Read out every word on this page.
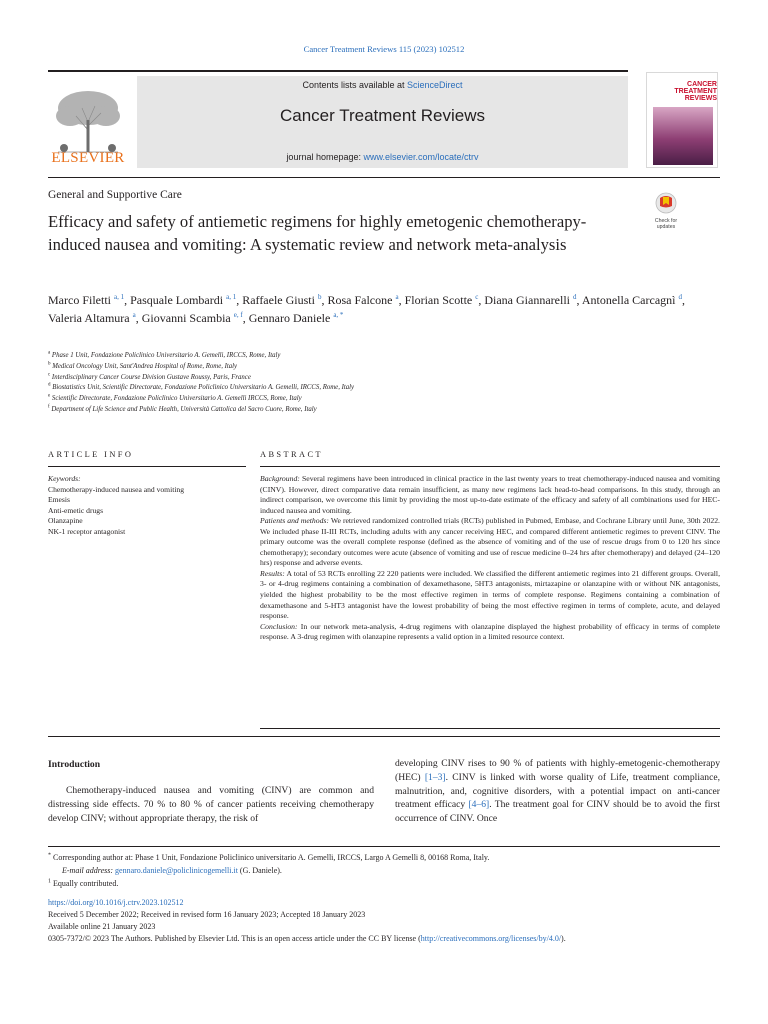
Cancer Treatment Reviews 115 (2023) 102512
ELSEVIER
Contents lists available at ScienceDirect
Cancer Treatment Reviews
journal homepage: www.elsevier.com/locate/ctrv
CANCER
TREATMENT
REVIEWS
General and Supportive Care
Efficacy and safety of antiemetic regimens for highly emetogenic chemotherapy-induced nausea and vomiting: A systematic review and network meta-analysis
Check for
updates
Marco Filetti $^{a, 1}$, Pasquale Lombardi $^{a, 1}$, Raffaele Giusti $^b$, Rosa Falcone $^a$, Florian Scotte $^c$, Diana Giannarelli $^d$, Antonella Carcagnì $^d$, Valeria Altamura $^a$, Giovanni Scambia $^{e, f}$, Gennaro Daniele $^{a, *}$
$^a$ Phase 1 Unit, Fondazione Policlinico Universitario A. Gemelli, IRCCS, Rome, Italy
$^b$ Medical Oncology Unit, Sant'Andrea Hospital of Rome, Rome, Italy
$^c$ Interdisciplinary Cancer Course Division Gustave Roussy, Paris, France
$^d$ Biostatistics Unit, Scientific Directorate, Fondazione Policlinico Universitario A. Gemelli, IRCCS, Rome, Italy
$^e$ Scientific Directorate, Fondazione Policlinico Universitario A. Gemelli IRCCS, Rome, Italy
$^f$ Department of Life Science and Public Health, Università Cattolica del Sacro Cuore, Rome, Italy
ARTICLE INFO
Keywords:
Chemotherapy-induced nausea and vomiting
Emesis
Anti-emetic drugs
Olanzapine
NK-1 receptor antagonist
ABSTRACT

Background: Several regimens have been introduced in clinical practice in the last twenty years to treat chemotherapy-induced nausea and vomiting (CINV). However, direct comparative data remain insufficient, as many new regimens lack head-to-head comparisons. In this study, through an indirect comparison, we overcome this limit by providing the most up-to-date estimate of the efficacy and safety of all combinations used for HEC-induced nausea and vomiting.

Patients and methods: We retrieved randomized controlled trials (RCTs) published in Pubmed, Embase, and Cochrane Library until June, 30th 2022. We included phase II-III RCTs, including adults with any cancer receiving HEC, and compared different antiemetic regimes to prevent CINV. The primary outcome was the overall complete response (defined as the absence of vomiting and of the use of rescue drugs from 0 to 120 hrs since chemotherapy); secondary outcomes were acute (absence of vomiting and use of rescue medicine 0–24 hrs after chemotherapy) and delayed (24–120 hrs) response and adverse events.

Results: A total of 53 RCTs enrolling 22 220 patients were included. We classified the different antiemetic regimes into 21 different groups. Overall, 3- or 4-drug regimens containing a combination of dexamethasone, 5HT3 antagonists, mirtazapine or olanzapine with or without NK antagonists, yielded the highest probability to be the most effective regimen in terms of complete response. Regimens containing a combination of dexamethasone and 5-HT3 antagonist have the lowest probability of being the most effective regimen in terms of complete, acute, and delayed response.

Conclusion: In our network meta-analysis, 4-drug regimens with olanzapine displayed the highest probability of efficacy in terms of complete response. A 3-drug regimen with olanzapine represents a valid option in a limited resource context.

Introduction
Chemotherapy-induced nausea and vomiting (CINV) are common and distressing side effects. 70 % to 80 % of cancer patients receiving chemotherapy develop CINV; without appropriate therapy, the risk of
developing CINV rises to 90 % of patients with highly-emetogenic-chemotherapy (HEC) [1–3]. CINV is linked with worse quality of Life, treatment compliance, malnutrition, and, cognitive disorders, with a potential impact on anti-cancer treatment efficacy [4–6]. The treatment goal for CINV should be to avoid the first occurrence of CINV. Once
* Corresponding author at: Phase 1 Unit, Fondazione Policlinico universitario A. Gemelli, IRCCS, Largo A Gemelli 8, 00168 Roma, Italy.
E-mail address: gennaro.daniele@policlinicogemelli.it (G. Daniele).
$^1$ Equally contributed.
https://doi.org/10.1016/j.ctrv.2023.102512
Received 5 December 2022; Received in revised form 16 January 2023; Accepted 18 January 2023
Available online 21 January 2023
0305-7372/© 2023 The Authors. Published by Elsevier Ltd. This is an open access article under the CC BY license (http://creativecommons.org/licenses/by/4.0/).
